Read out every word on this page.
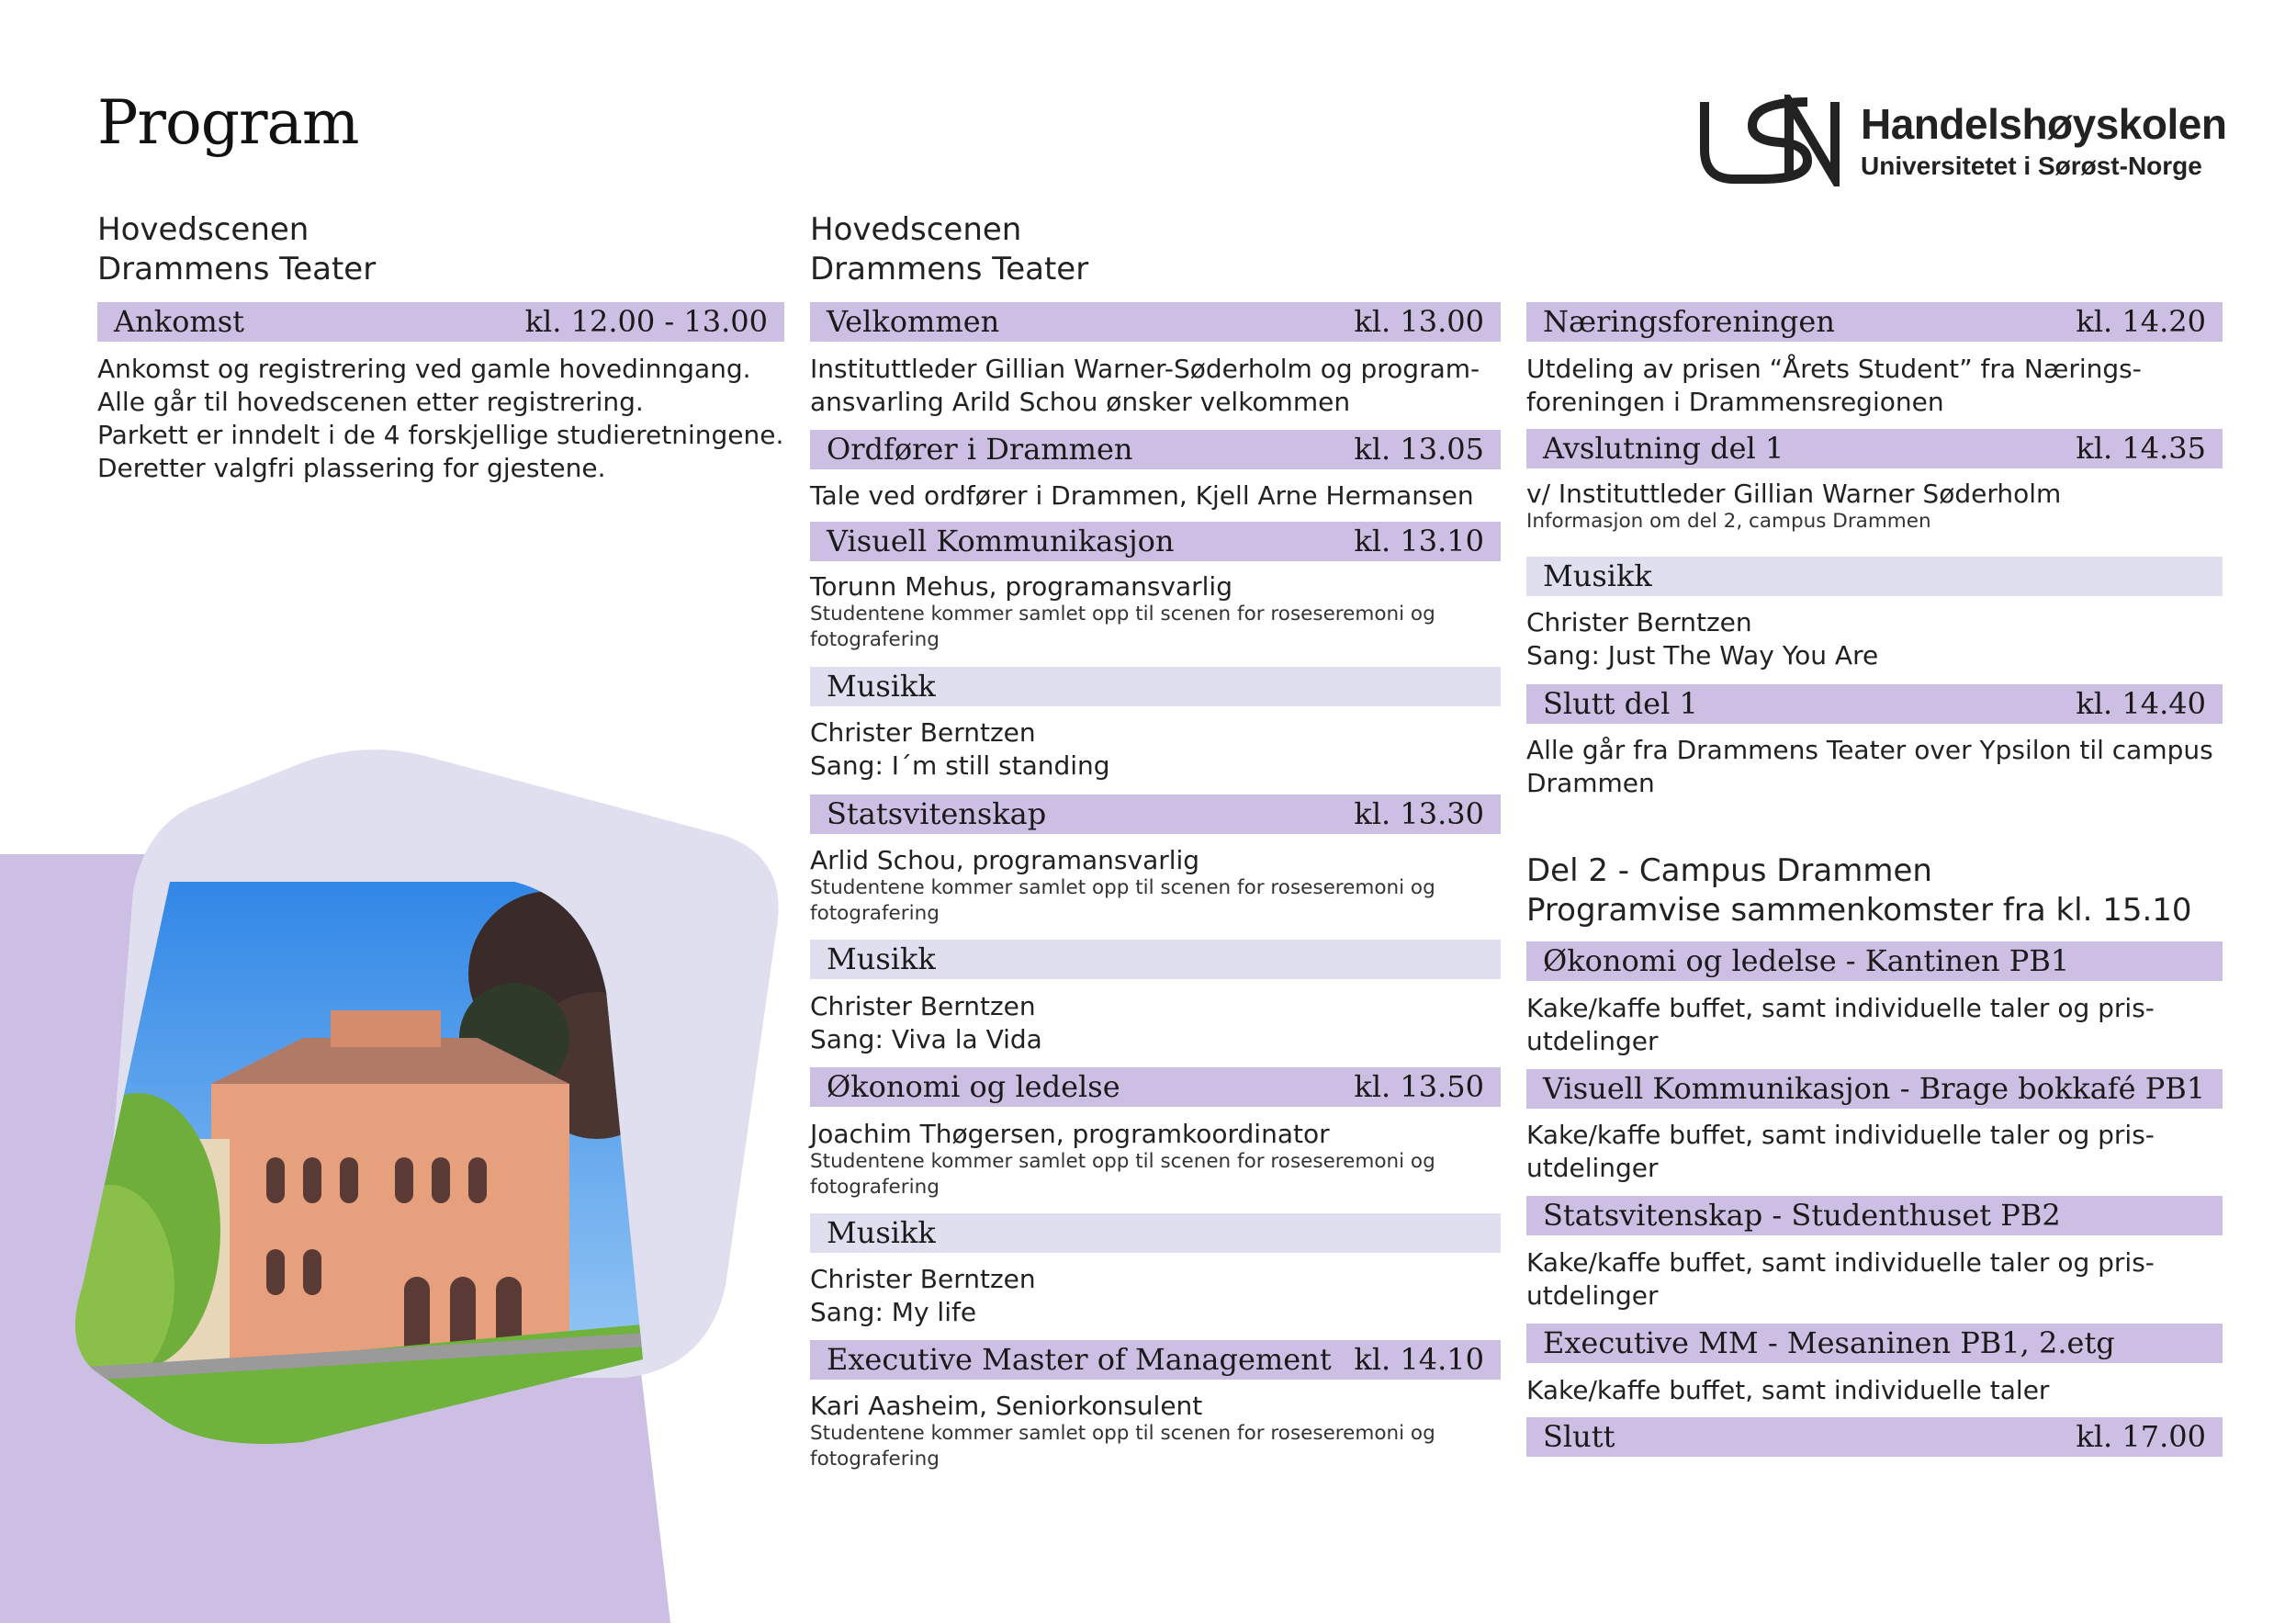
Program	Handelshøyskolen
Universitetet i Sørøst-Norge
Hovedscenen
Drammens Teater
Ankomst	kl. 12.00 - 13.00
Ankomst og registrering ved gamle hovedinngang.
Alle går til hovedscenen etter registrering.
Parkett er inndelt i de 4 forskjellige studieretningene.
Deretter valgfri plassering for gjestene.
Hovedscenen
Drammens Teater
Velkommen	kl. 13.00
Instituttleder Gillian Warner-Søderholm og program-
ansvarling Arild Schou ønsker velkommen
Ordfører i Drammen	kl. 13.05
Tale ved ordfører i Drammen, Kjell Arne Hermansen
Visuell Kommunikasjon	kl. 13.10
Torunn Mehus, programansvarlig
Studentene kommer samlet opp til scenen for roseseremoni og
fotografering
Musikk
Christer Berntzen
Sang: I´m still standing
Statsvitenskap	kl. 13.30
Arlid Schou, programansvarlig
Studentene kommer samlet opp til scenen for roseseremoni og
fotografering
Musikk
Christer Berntzen
Sang: Viva la Vida
Økonomi og ledelse	kl. 13.50
Joachim Thøgersen, programkoordinator
Studentene kommer samlet opp til scenen for roseseremoni og
fotografering
Musikk
Christer Berntzen
Sang: My life
Executive Master of Management kl. 14.10
Kari Aasheim, Seniorkonsulent
Studentene kommer samlet opp til scenen for roseseremoni og
fotografering
Næringsforeningen	kl. 14.20
Utdeling av prisen “Årets Student” fra Nærings-
foreningen i Drammensregionen
Avslutning del 1	kl. 14.35
v/ Instituttleder Gillian Warner Søderholm
Informasjon om del 2, campus Drammen
Musikk
Christer Berntzen
Sang: Just The Way You Are
Slutt del 1	kl. 14.40
Alle går fra Drammens Teater over Ypsilon til campus
Drammen
Del 2 - Campus Drammen
Programvise sammenkomster fra kl. 15.10
Økonomi og ledelse - Kantinen PB1
Kake/kaffe buffet, samt individuelle taler og pris-
utdelinger
Visuell Kommunikasjon - Brage bokkafé PB1
Kake/kaffe buffet, samt individuelle taler og pris-
utdelinger
Statsvitenskap - Studenthuset PB2
Kake/kaffe buffet, samt individuelle taler og pris-
utdelinger
Executive MM - Mesaninen PB1, 2.etg
Kake/kaffe buffet, samt individuelle taler
Slutt	kl. 17.00
